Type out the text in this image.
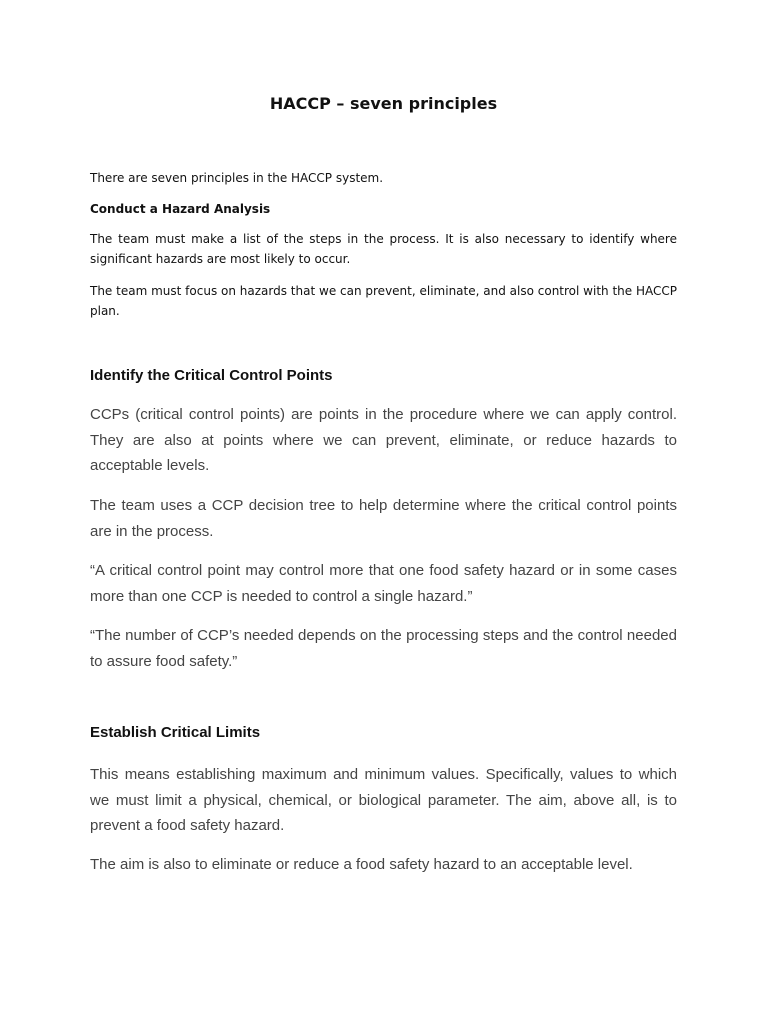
HACCP – seven principles

There are seven principles in the HACCP system.

Conduct a Hazard Analysis

The team must make a list of the steps in the process. It is also necessary to identify where significant hazards are most likely to occur.

The team must focus on hazards that we can prevent, eliminate, and also control with the HACCP plan.

Identify the Critical Control Points

CCPs (critical control points) are points in the procedure where we can apply control. They are also at points where we can prevent, eliminate, or reduce hazards to acceptable levels.

The team uses a CCP decision tree to help determine where the critical control points are in the process.

“A critical control point may control more that one food safety hazard or in some cases more than one CCP is needed to control a single hazard.”

“The number of CCP’s needed depends on the processing steps and the control needed to assure food safety.”

Establish Critical Limits

This means establishing maximum and minimum values. Specifically, values to which we must limit a physical, chemical, or biological parameter. The aim, above all, is to prevent a food safety hazard.

The aim is also to eliminate or reduce a food safety hazard to an acceptable level.
